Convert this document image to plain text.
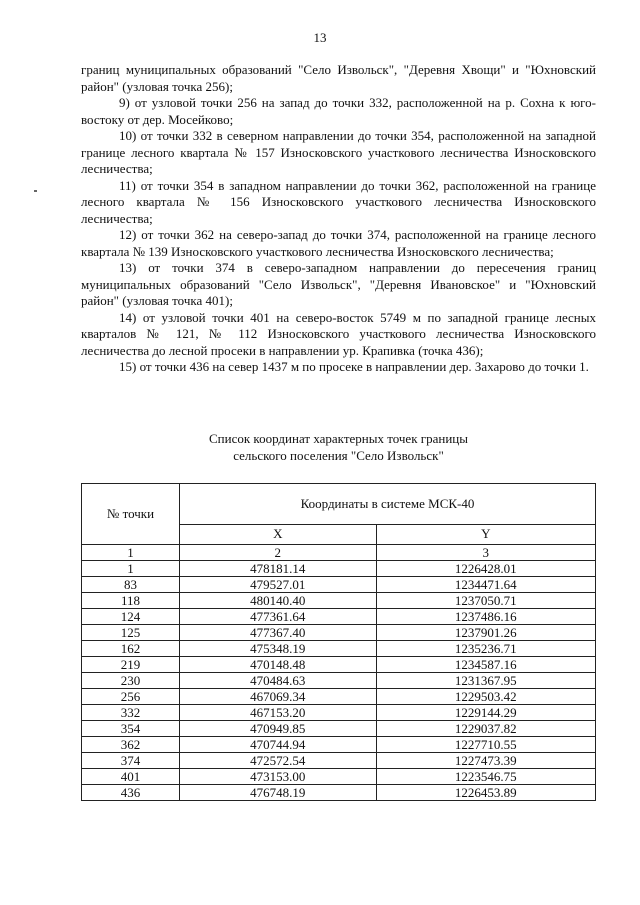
13

границ муниципальных образований "Село Извольск", "Деревня Хвощи" и "Юхновский район" (узловая точка 256);

9) от узловой точки 256 на запад до точки 332, расположенной на р. Сохна к юго-востоку от дер. Мосейково;

10) от точки 332 в северном направлении до точки 354, расположенной на западной границе лесного квартала № 157 Износковского участкового лесничества Износковского лесничества;

11) от точки 354 в западном направлении до точки 362, расположенной на границе лесного квартала № 156 Износковского участкового лесничества Износковского лесничества;

12) от точки 362 на северо-запад до точки 374, расположенной на границе лесного квартала № 139 Износковского участкового лесничества Износковского лесничества;

13) от точки 374 в северо-западном направлении до пересечения границ муниципальных образований "Село Извольск", "Деревня Ивановское" и "Юхновский район" (узловая точка 401);

14) от узловой точки 401 на северо-восток 5749 м по западной границе лесных кварталов № 121, № 112 Износковского участкового лесничества Износковского лесничества до лесной просеки в направлении ур. Крапивка (точка 436);

15) от точки 436 на север 1437 м по просеке в направлении дер. Захарово до точки 1.

Список координат характерных точек границы
сельского поселения "Село Извольск"
№ точки	Координаты в системе МСК-40	
	X	Y
1	2	3
1	478181.14	1226428.01
83	479527.01	1234471.64
118	480140.40	1237050.71
124	477361.64	1237486.16
125	477367.40	1237901.26
162	475348.19	1235236.71
219	470148.48	1234587.16
230	470484.63	1231367.95
256	467069.34	1229503.42
332	467153.20	1229144.29
354	470949.85	1229037.82
362	470744.94	1227710.55
374	472572.54	1227473.39
401	473153.00	1223546.75
436	476748.19	1226453.89
